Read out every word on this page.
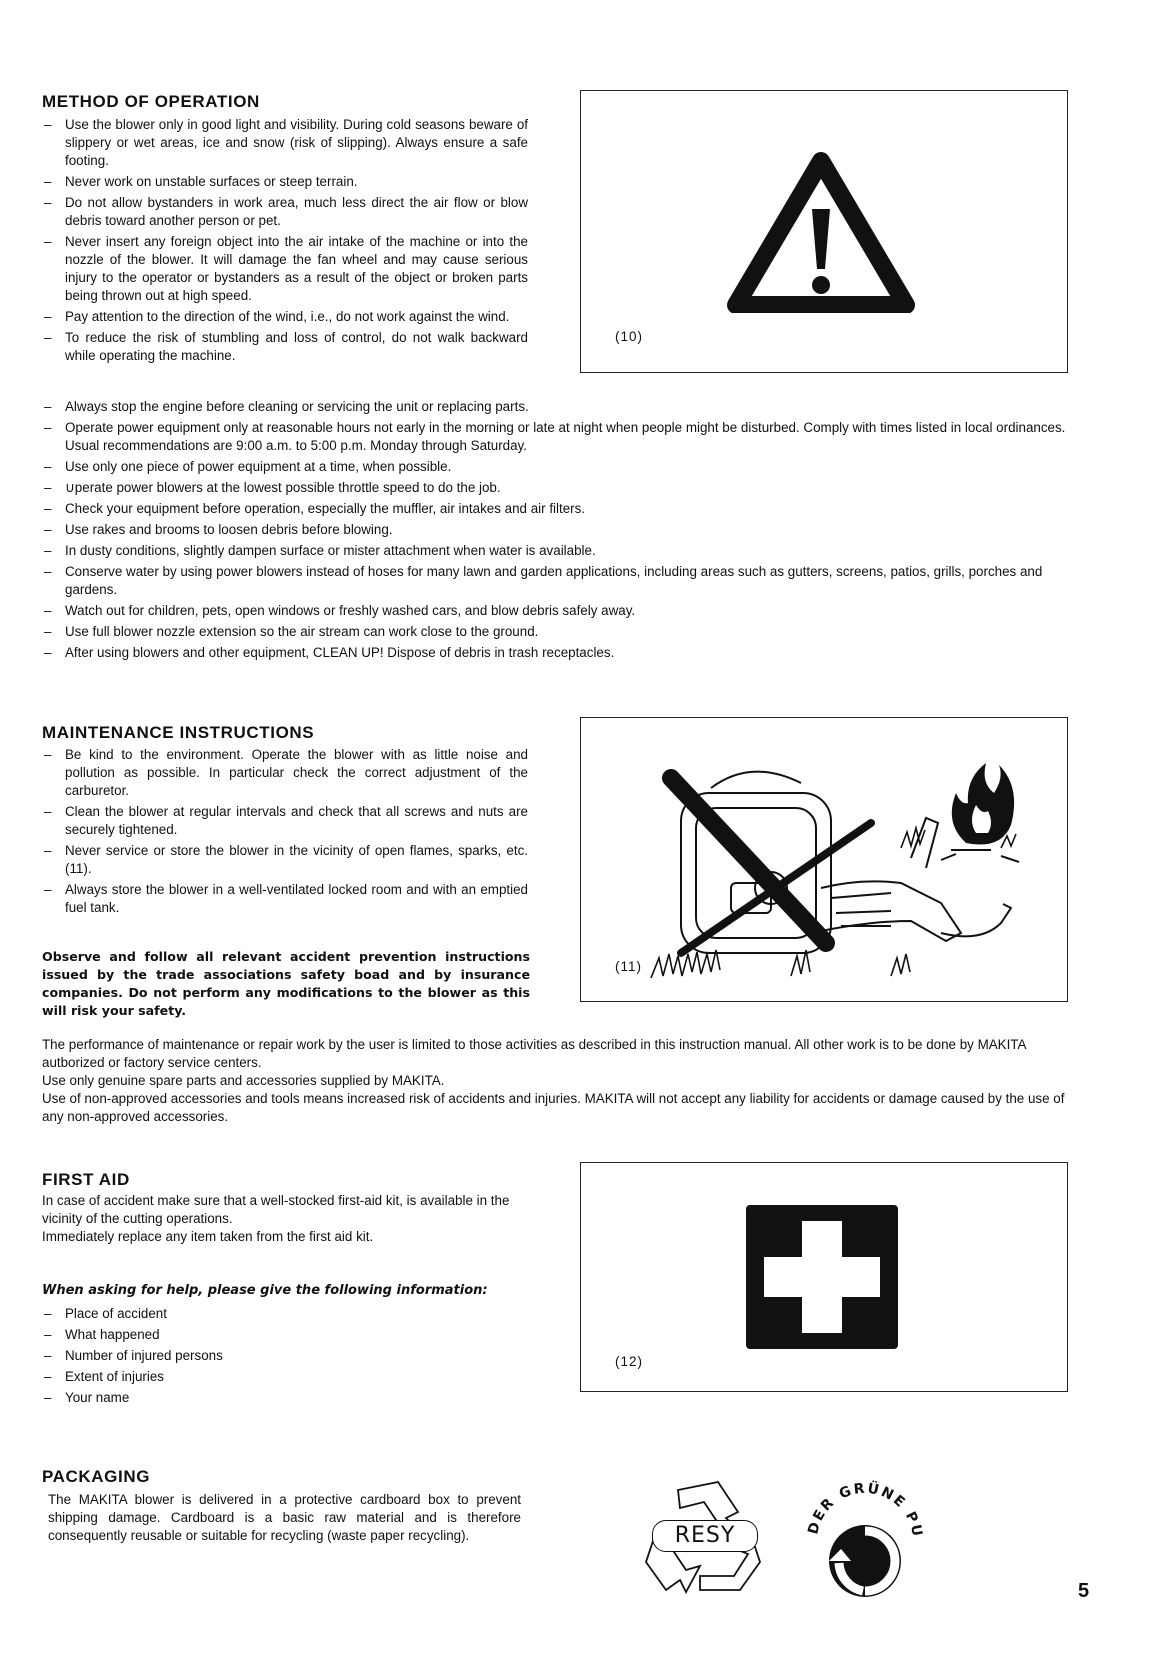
METHOD OF OPERATION
– Use the blower only in good light and visibility. During cold seasons beware of slippery or wet areas, ice and snow (risk of slipping). Always ensure a safe footing.
– Never work on unstable surfaces or steep terrain.
– Do not allow bystanders in work area, much less direct the air flow or blow debris toward another person or pet.
– Never insert any foreign object into the air intake of the machine or into the nozzle of the blower. It will damage the fan wheel and may cause serious injury to the operator or bystanders as a result of the object or broken parts being thrown out at high speed.
– Pay attention to the direction of the wind, i.e., do not work against the wind.
– To reduce the risk of stumbling and loss of control, do not walk backward while operating the machine.
(10)
– Always stop the engine before cleaning or servicing the unit or replacing parts.
– Operate power equipment only at reasonable hours not early in the morning or late at night when people might be disturbed. Comply with times listed in local ordinances. Usual recommendations are 9:00 a.m. to 5:00 p.m. Monday through Saturday.
– Use only one piece of power equipment at a time, when possible.
– ∪perate power blowers at the lowest possible throttle speed to do the job.
– Check your equipment before operation, especially the muffler, air intakes and air filters.
– Use rakes and brooms to loosen debris before blowing.
– In dusty conditions, slightly dampen surface or mister attachment when water is available.
– Conserve water by using power blowers instead of hoses for many lawn and garden applications, including areas such as gutters, screens, patios, grills, porches and gardens.
– Watch out for children, pets, open windows or freshly washed cars, and blow debris safely away.
– Use full blower nozzle extension so the air stream can work close to the ground.
– After using blowers and other equipment, CLEAN UP! Dispose of debris in trash receptacles.
MAINTENANCE INSTRUCTIONS
– Be kind to the environment. Operate the blower with as little noise and pollution as possible. In particular check the correct adjustment of the carburetor.
– Clean the blower at regular intervals and check that all screws and nuts are securely tightened.
– Never service or store the blower in the vicinity of open flames, sparks, etc. (11).
– Always store the blower in a well-ventilated locked room and with an emptied fuel tank.
Observe and follow all relevant accident prevention instructions issued by the trade associations safety boad and by insurance companies. Do not perform any modifications to the blower as this will risk your safety.
(11)

The performance of maintenance or repair work by the user is limited to those activities as described in this instruction manual. All other work is to be done by MAKITA autborized or factory service centers.

Use only genuine spare parts and accessories supplied by MAKITA.

Use of non-approved accessories and tools means increased risk of accidents and injuries. MAKITA will not accept any liability for accidents or damage caused by the use of any non-approved accessories.

FIRST AID

In case of accident make sure that a well-stocked first-aid kit, is available in the vicinity of the cutting operations.

Immediately replace any item taken from the first aid kit.

When asking for help, please give the following information:
– Place of accident
– What happened
– Number of injured persons
– Extent of injuries
– Your name
(12)
PACKAGING

The MAKITA blower is delivered in a protective cardboard box to prevent shipping damage. Cardboard is a basic raw material and is therefore consequently reusable or suitable for recycling (waste paper recycling).	RESY	DER GRÜNE PU
5
